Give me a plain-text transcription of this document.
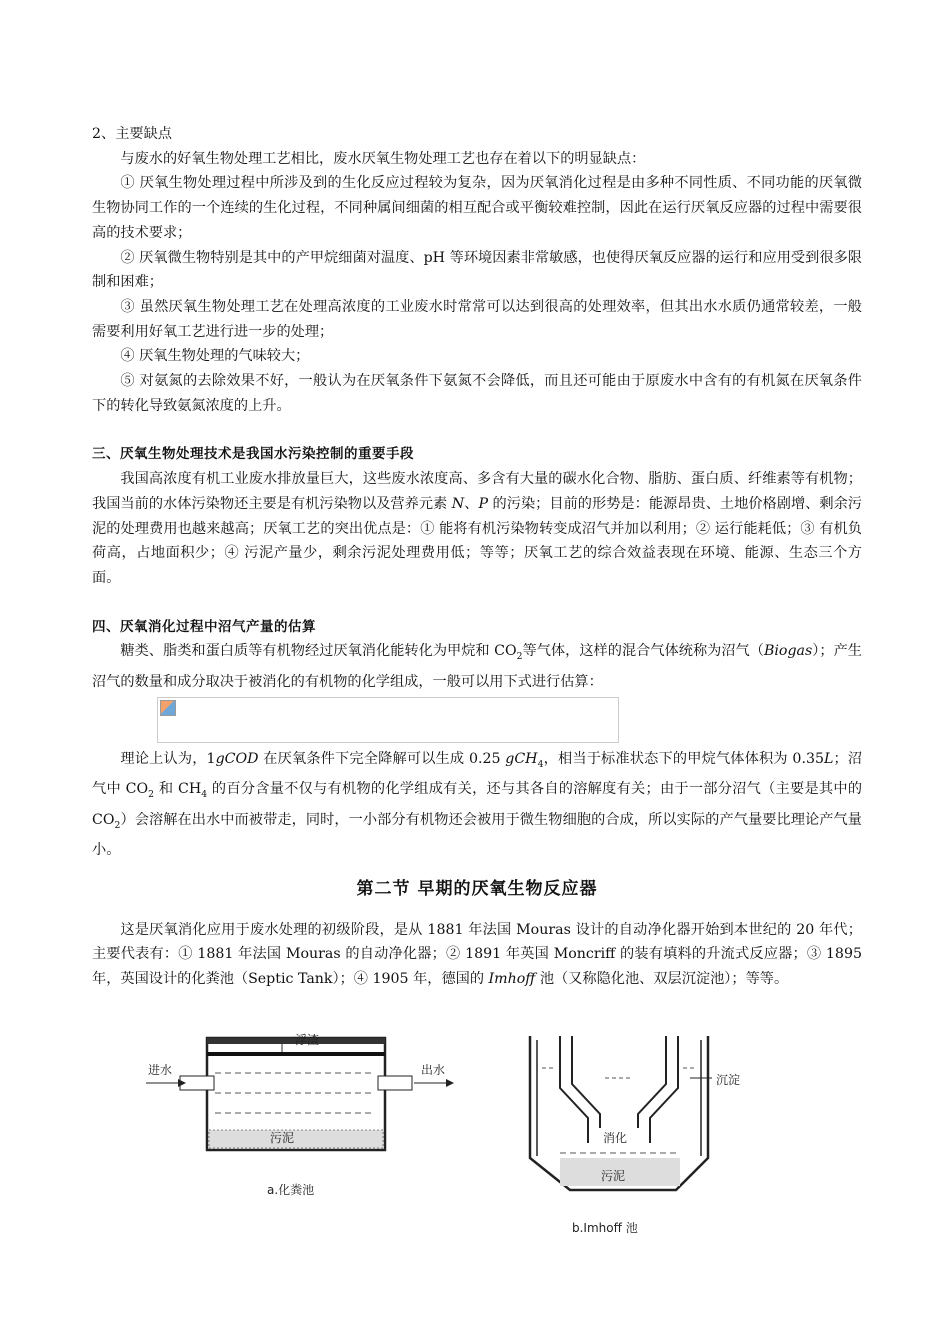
2、主要缺点

与废水的好氧生物处理工艺相比，废水厌氧生物处理工艺也存在着以下的明显缺点：

① 厌氧生物处理过程中所涉及到的生化反应过程较为复杂，因为厌氧消化过程是由多种不同性质、不同功能的厌氧微生物协同工作的一个连续的生化过程，不同种属间细菌的相互配合或平衡较难控制，因此在运行厌氧反应器的过程中需要很高的技术要求；

② 厌氧微生物特别是其中的产甲烷细菌对温度、pH 等环境因素非常敏感，也使得厌氧反应器的运行和应用受到很多限制和困难；

③ 虽然厌氧生物处理工艺在处理高浓度的工业废水时常常可以达到很高的处理效率，但其出水水质仍通常较差，一般需要利用好氧工艺进行进一步的处理；

④ 厌氧生物处理的气味较大；

⑤ 对氨氮的去除效果不好，一般认为在厌氧条件下氨氮不会降低，而且还可能由于原废水中含有的有机氮在厌氧条件下的转化导致氨氮浓度的上升。

三、厌氧生物处理技术是我国水污染控制的重要手段

我国高浓度有机工业废水排放量巨大，这些废水浓度高、多含有大量的碳水化合物、脂肪、蛋白质、纤维素等有机物；我国当前的水体污染物还主要是有机污染物以及营养元素 N、P 的污染；目前的形势是：能源昂贵、土地价格剧增、剩余污泥的处理费用也越来越高；厌氧工艺的突出优点是：① 能将有机污染物转变成沼气并加以利用；② 运行能耗低；③ 有机负荷高，占地面积少；④ 污泥产量少，剩余污泥处理费用低；等等；厌氧工艺的综合效益表现在环境、能源、生态三个方面。

四、厌氧消化过程中沼气产量的估算

糖类、脂类和蛋白质等有机物经过厌氧消化能转化为甲烷和 $CO_2$等气体，这样的混合气体统称为沼气（Biogas）；产生沼气的数量和成分取决于被消化的有机物的化学组成，一般可以用下式进行估算：

理论上认为，1gCOD 在厌氧条件下完全降解可以生成 0.25 gCH$_4$，相当于标准状态下的甲烷气体体积为 0.35L；沼气中 $CO_2$ 和 $CH_4$ 的百分含量不仅与有机物的化学组成有关，还与其各自的溶解度有关；由于一部分沼气（主要是其中的 $CO_2$）会溶解在出水中而被带走，同时，一小部分有机物还会被用于微生物细胞的合成，所以实际的产气量要比理论产气量小。

第二节 早期的厌氧生物反应器

这是厌氧消化应用于废水处理的初级阶段，是从 1881 年法国 Mouras 设计的自动净化器开始到本世纪的 20 年代；主要代表有：① 1881 年法国 Mouras 的自动净化器；② 1891 年英国 Moncriff 的装有填料的升流式反应器；③ 1895 年，英国设计的化粪池（Septic Tank）；④ 1905 年，德国的 Imhoff 池（又称隐化池、双层沉淀池）；等等。

进水	出水
浮渣
污泥
a.化粪池
沉淀
消化
污泥
b.Imhoff 池
